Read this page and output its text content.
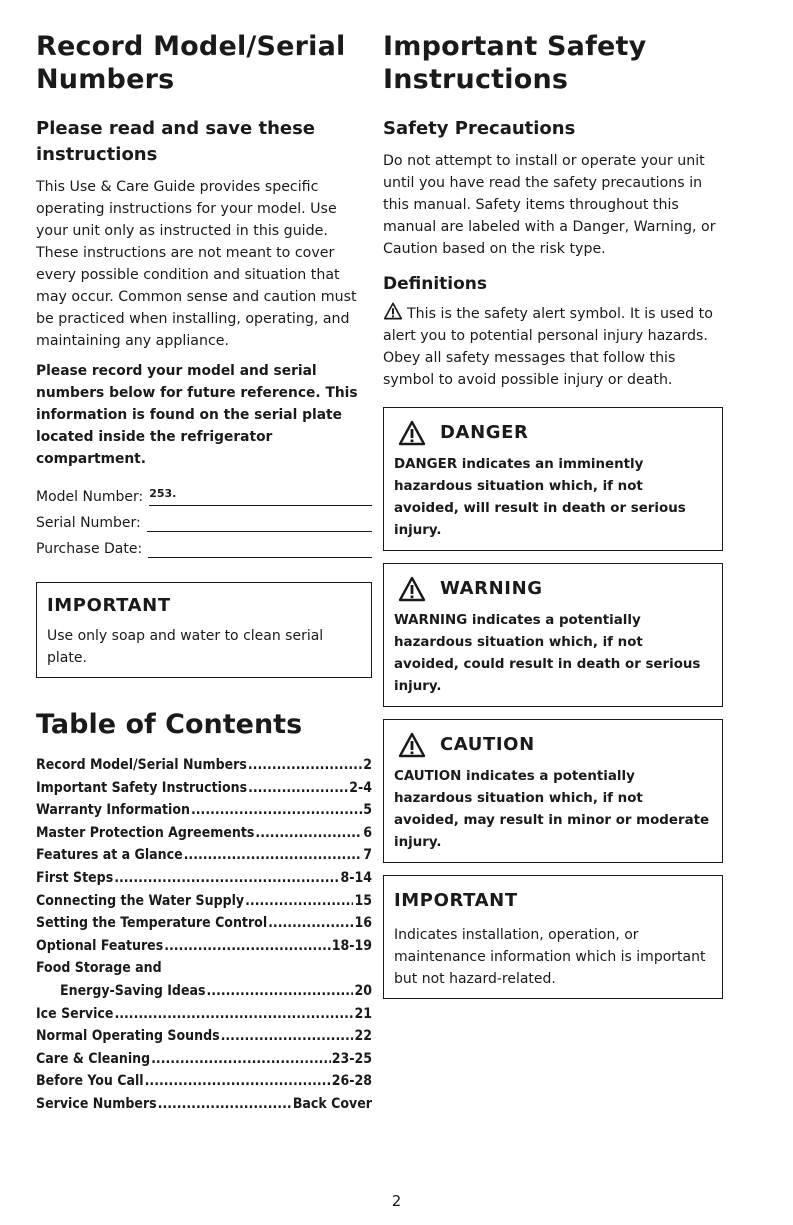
Record Model/Serial Numbers
Please read and save these instructions

This Use & Care Guide provides specific operating instructions for your model. Use your unit only as instructed in this guide. These instructions are not meant to cover every possible condition and situation that may occur. Common sense and caution must be practiced when installing, operating, and maintaining any appliance.

Please record your model and serial numbers below for future reference. This information is found on the serial plate located inside the refrigerator compartment.

Model Number: 253.
Serial Number:
Purchase Date:
IMPORTANT
Use only soap and water to clean serial plate.
Table of Contents
Record Model/Serial Numbers .....	2
Important Safety Instructions .....	2-4
Warranty Information .....	5
Master Protection Agreements .....	6
Features at a Glance .....	7
First Steps .....	8-14
Connecting the Water Supply .....	15
Setting the Temperature Control .....	16
Optional Features .....	18-19
Food Storage and
Energy-Saving Ideas .....	20
Ice Service .....	21
Normal Operating Sounds .....	22
Care & Cleaning .....	23-25
Before You Call .....	26-28
Service Numbers .....	Back Cover
Important Safety Instructions
Safety Precautions

Do not attempt to install or operate your unit until you have read the safety precautions in this manual. Safety items throughout this manual are labeled with a Danger, Warning, or Caution based on the risk type.

Definitions

This is the safety alert symbol. It is used to alert you to potential personal injury hazards. Obey all safety messages that follow this symbol to avoid possible injury or death.

DANGER
DANGER indicates an imminently hazardous situation which, if not avoided, will result in death or serious injury.
WARNING
WARNING indicates a potentially hazardous situation which, if not avoided, could result in death or serious injury.
CAUTION
CAUTION indicates a potentially hazardous situation which, if not avoided, may result in minor or moderate injury.
IMPORTANT
Indicates installation, operation, or maintenance information which is important but not hazard-related.
2
